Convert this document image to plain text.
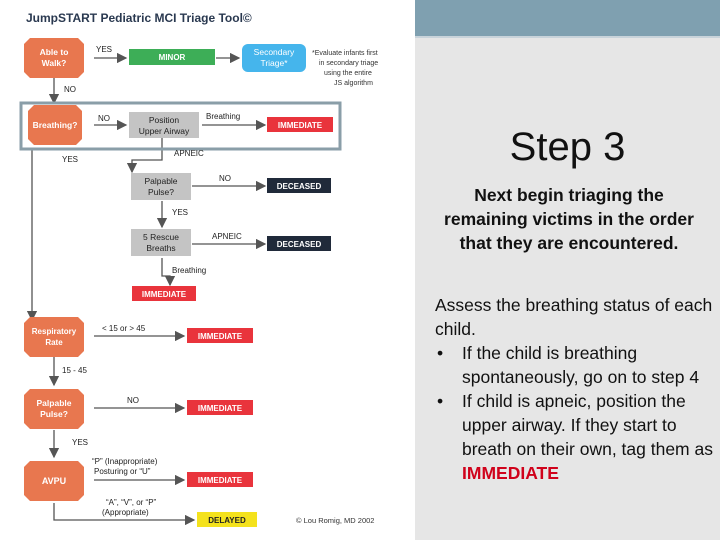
JumpSTART Pediatric MCI Triage Tool©
Able to
Walk?
Breathing?
Respiratory
Rate
Palpable
Pulse?
AVPU
Position
Upper Airway
Palpable
Pulse?
5 Rescue
Breaths
Secondary
Triage*
*Evaluate infants first
in secondary triage
using the entire
JS algorithm
MINOR
IMMEDIATE
DECEASED
DECEASED
IMMEDIATE
IMMEDIATE
IMMEDIATE
IMMEDIATE
DELAYED
YES
NO
NO	Breathing
YES
APNEIC
NO
YES
APNEIC
Breathing
< 15 or > 45
15 - 45
NO
YES
“P” (Inappropriate)
Posturing or “U”
“A”, “V”, or “P”
(Appropriate)
© Lou Romig, MD 2002
Step 3
Next begin triaging the remaining victims in the order that they are encountered.
Assess the breathing status of each child.
• If the child is breathing spontaneously, go on to step 4
• If child is apneic, position the upper airway. If they start to breath on their own, tag them as IMMEDIATE
